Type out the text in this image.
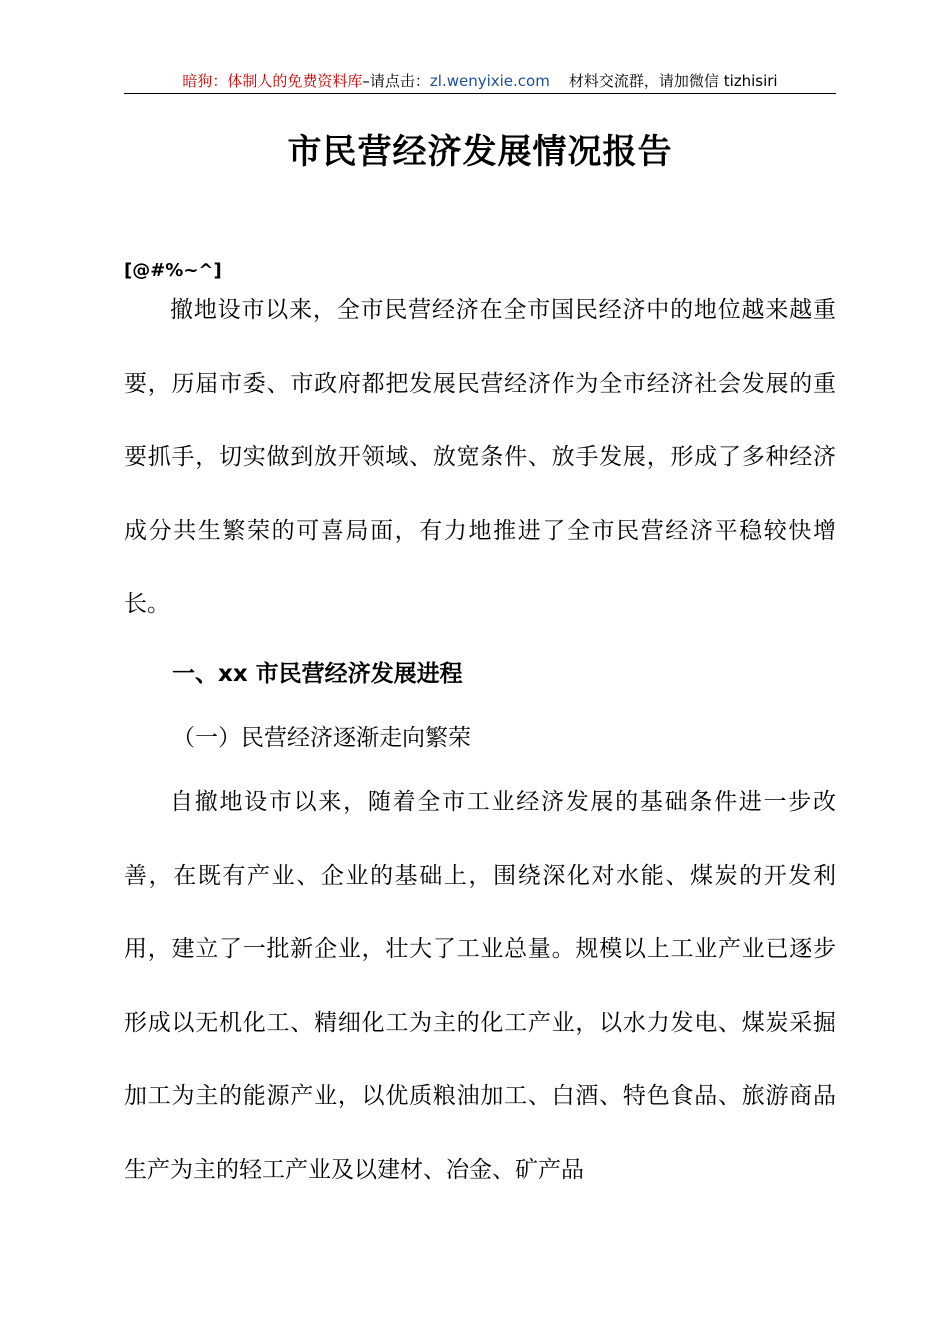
暗狗：体制人的免费资料库–请点击：zl.wenyixie.com 材料交流群，请加微信 tizhisiri
市民营经济发展情况报告
[@#%~^]

撤地设市以来，全市民营经济在全市国民经济中的地位越来越重要，历届市委、市政府都把发展民营经济作为全市经济社会发展的重要抓手，切实做到放开领域、放宽条件、放手发展，形成了多种经济成分共生繁荣的可喜局面，有力地推进了全市民营经济平稳较快增长。

一、xx 市民营经济发展进程
（一）民营经济逐渐走向繁荣

自撤地设市以来，随着全市工业经济发展的基础条件进一步改善，在既有产业、企业的基础上，围绕深化对水能、煤炭的开发利用，建立了一批新企业，壮大了工业总量。规模以上工业产业已逐步形成以无机化工、精细化工为主的化工产业，以水力发电、煤炭采掘加工为主的能源产业，以优质粮油加工、白酒、特色食品、旅游商品生产为主的轻工产业及以建材、冶金、矿产品
